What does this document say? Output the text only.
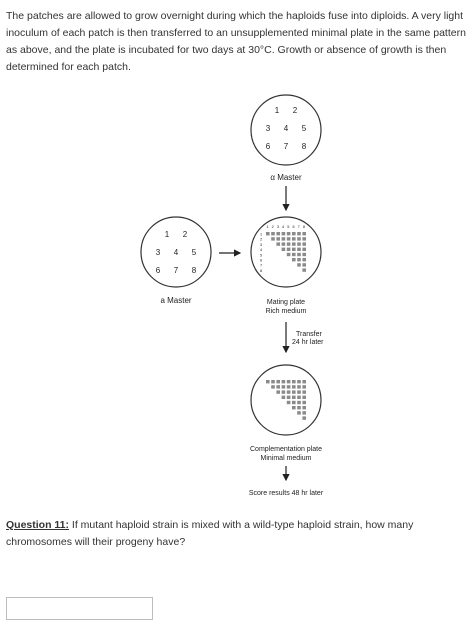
The patches are allowed to grow overnight during which the haploids fuse into diploids. A very light inoculum of each patch is then transferred to an unsupplemented minimal plate in the same pattern as above, and the plate is incubated for two days at 30°C. Growth or absence of growth is then determined for each patch.

1 2
3 4 5
6 7 8
α Master
1 2
3 4 5
6 7 8
a Master
1 2 3 4 5 6 7 8
1
2
3
4
5
6
7
8
Mating plate
Rich medium
Transfer
24 hr later
Complementation plate
Minimal medium
Score results 48 hr later

Question 11: If mutant haploid strain is mixed with a wild-type haploid strain, how many chromosomes will their progeny have?
